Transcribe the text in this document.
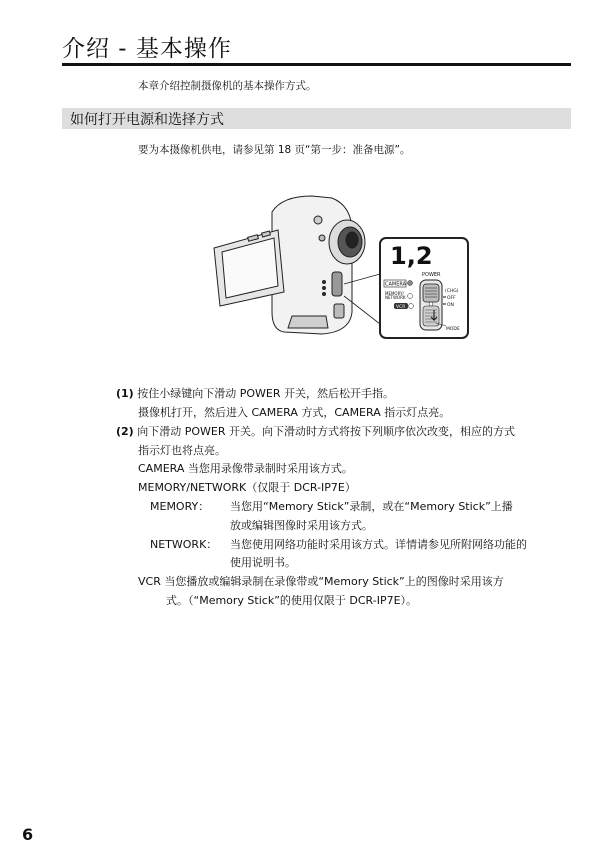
介绍 - 基本操作
本章介绍控制摄像机的基本操作方式。
如何打开电源和选择方式
要为本摄像机供电，请参见第 18 页“第一步：准备电源”。
1,2
POWER
CAMERA
MEMORY/
NETWORK
VCR
(CHG)
OFF
ON
MODE
(1) 按住小绿键向下滑动 POWER 开关，然后松开手指。
摄像机打开，然后进入 CAMERA 方式，CAMERA 指示灯点亮。
(2) 向下滑动 POWER 开关。向下滑动时方式将按下列顺序依次改变，相应的方式
指示灯也将点亮。
CAMERA 当您用录像带录制时采用该方式。
MEMORY/NETWORK（仅限于 DCR-IP7E）
MEMORY： 当您用“Memory Stick”录制，或在“Memory Stick”上播
放或编辑图像时采用该方式。
NETWORK： 当您使用网络功能时采用该方式。详情请参见所附网络功能的
使用说明书。
VCR 当您播放或编辑录制在录像带或“Memory Stick”上的图像时采用该方
式。（“Memory Stick”的使用仅限于 DCR-IP7E）。
6
